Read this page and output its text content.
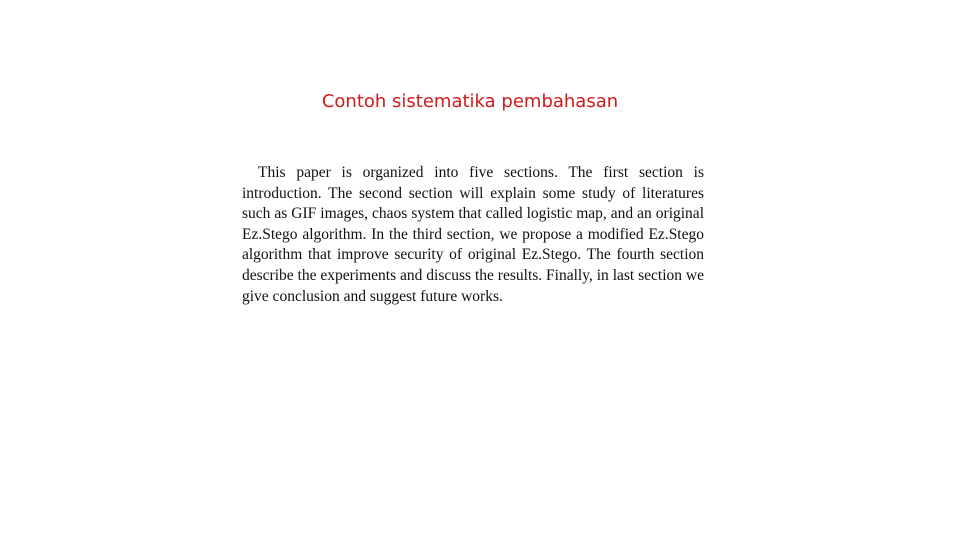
Contoh sistematika pembahasan

This paper is organized into five sections. The first section is introduction. The second section will explain some study of literatures such as GIF images, chaos system that called logistic map, and an original Ez.Stego algorithm. In the third section, we propose a modified Ez.Stego algorithm that improve security of original Ez.Stego. The fourth section describe the experiments and discuss the results. Finally, in last section we give conclusion and suggest future works.
